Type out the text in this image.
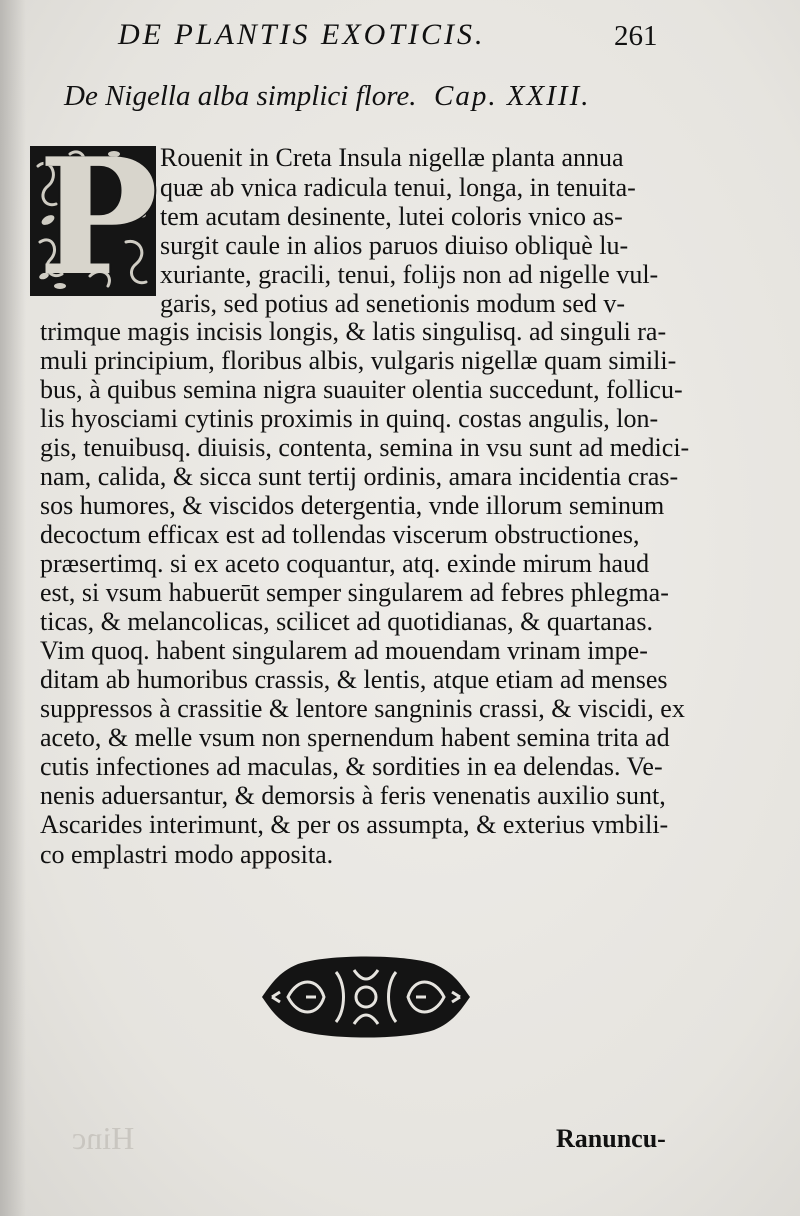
DE PLANTIS EXOTICIS.	261
De Nigella alba simplici flore. Cap. XXIII.
P Rouenit in Creta Insula nigellæ planta annua
quæ ab vnica radicula tenui, longa, in tenuita-
tem acutam desinente, lutei coloris vnico as-
surgit caule in alios paruos diuiso obliquè lu-
xuriante, gracili, tenui, folijs non ad nigelle vul-
garis, sed potius ad senetionis modum sed v-
trimque magis incisis longis, & latis singulisq. ad singuli ra-
muli principium, floribus albis, vulgaris nigellæ quam simili-
bus, à quibus semina nigra suauiter olentia succedunt, follicu-
lis hyosciami cytinis proximis in quinq. costas angulis, lon-
gis, tenuibusq. diuisis, contenta, semina in vsu sunt ad medici-
nam, calida, & sicca sunt tertij ordinis, amara incidentia cras-
sos humores, & viscidos detergentia, vnde illorum seminum
decoctum efficax est ad tollendas viscerum obstructiones,
præsertimq. si ex aceto coquantur, atq. exinde mirum haud
est, si vsum habuerūt semper singularem ad febres phlegma-
ticas, & melancolicas, scilicet ad quotidianas, & quartanas.
Vim quoq. habent singularem ad mouendam vrinam impe-
ditam ab humoribus crassis, & lentis, atque etiam ad menses
suppressos à crassitie & lentore sangninis crassi, & viscidi, ex
aceto, & melle vsum non spernendum habent semina trita ad
cutis infectiones ad maculas, & sordities in ea delendas. Ve-
nenis aduersantur, & demorsis à feris venenatis auxilio sunt,
Ascarides interimunt, & per os assumpta, & exterius vmbili-
co emplastri modo apposita.
Hinc	Ranuncu-
